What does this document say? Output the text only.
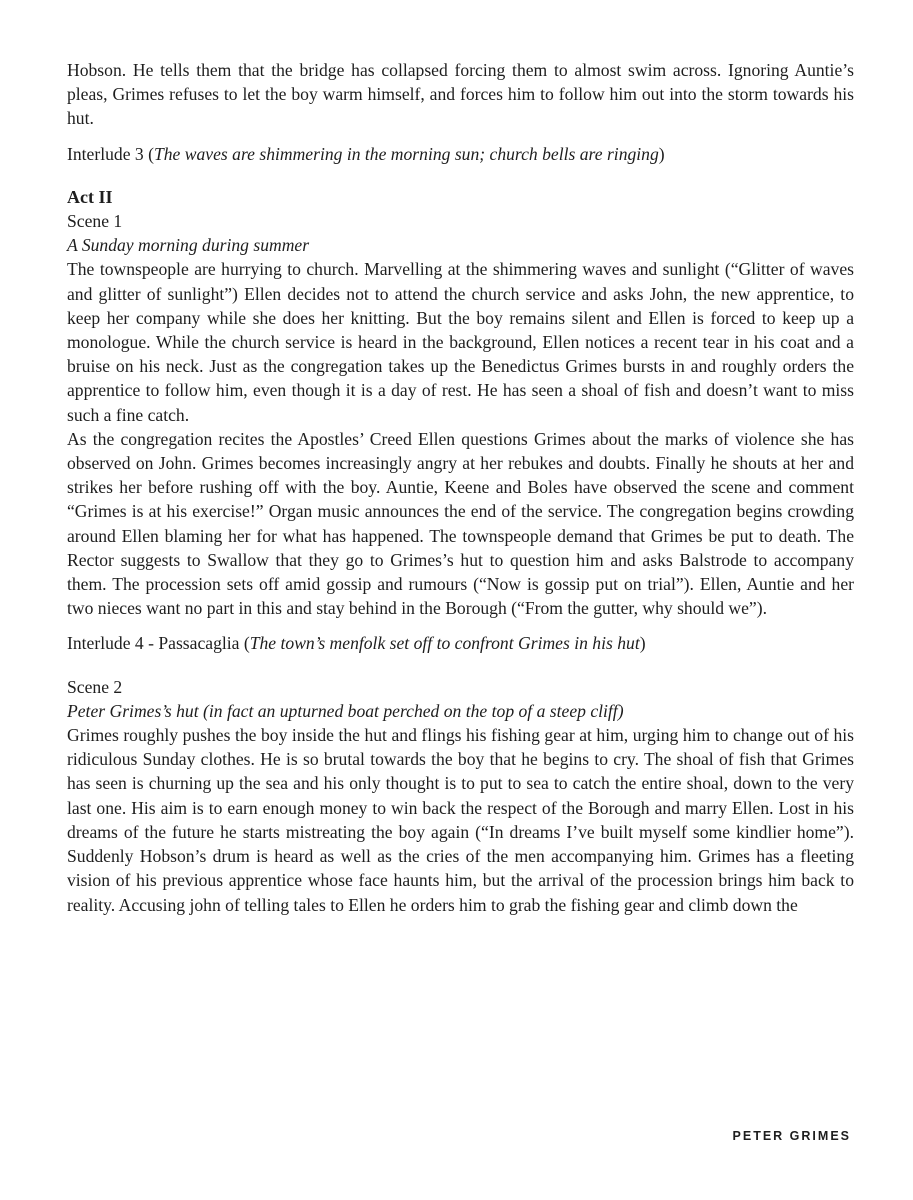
Hobson. He tells them that the bridge has collapsed forcing them to almost swim across. Ignoring Auntie’s pleas, Grimes refuses to let the boy warm himself, and forces him to follow him out into the storm towards his hut.

Interlude 3 (The waves are shimmering in the morning sun; church bells are ringing)

Act II

Scene 1

A Sunday morning during summer

The townspeople are hurrying to church. Marvelling at the shimmering waves and sunlight (“Glitter of waves and glitter of sunlight”) Ellen decides not to attend the church service and asks John, the new apprentice, to keep her company while she does her knitting. But the boy remains silent and Ellen is forced to keep up a monologue. While the church service is heard in the background, Ellen notices a recent tear in his coat and a bruise on his neck. Just as the congregation takes up the Benedictus Grimes bursts in and roughly orders the apprentice to follow him, even though it is a day of rest. He has seen a shoal of fish and doesn’t want to miss such a fine catch.

As the congregation recites the Apostles’ Creed Ellen questions Grimes about the marks of violence she has observed on John. Grimes becomes increasingly angry at her rebukes and doubts. Finally he shouts at her and strikes her before rushing off with the boy. Auntie, Keene and Boles have observed the scene and comment “Grimes is at his exercise!” Organ music announces the end of the service. The congregation begins crowding around Ellen blaming her for what has happened. The townspeople demand that Grimes be put to death. The Rector suggests to Swallow that they go to Grimes’s hut to question him and asks Balstrode to accompany them. The procession sets off amid gossip and rumours (“Now is gossip put on trial”). Ellen, Auntie and her two nieces want no part in this and stay behind in the Borough (“From the gutter, why should we”).

Interlude 4 - Passacaglia (The town’s menfolk set off to confront Grimes in his hut)

Scene 2

Peter Grimes’s hut (in fact an upturned boat perched on the top of a steep cliff)

Grimes roughly pushes the boy inside the hut and flings his fishing gear at him, urging him to change out of his ridiculous Sunday clothes. He is so brutal towards the boy that he begins to cry. The shoal of fish that Grimes has seen is churning up the sea and his only thought is to put to sea to catch the entire shoal, down to the very last one. His aim is to earn enough money to win back the respect of the Borough and marry Ellen. Lost in his dreams of the future he starts mistreating the boy again (“In dreams I’ve built myself some kindlier home”). Suddenly Hobson’s drum is heard as well as the cries of the men accompanying him. Grimes has a fleeting vision of his previous apprentice whose face haunts him, but the arrival of the procession brings him back to reality. Accusing john of telling tales to Ellen he orders him to grab the fishing gear and climb down the

PETER GRIMES
